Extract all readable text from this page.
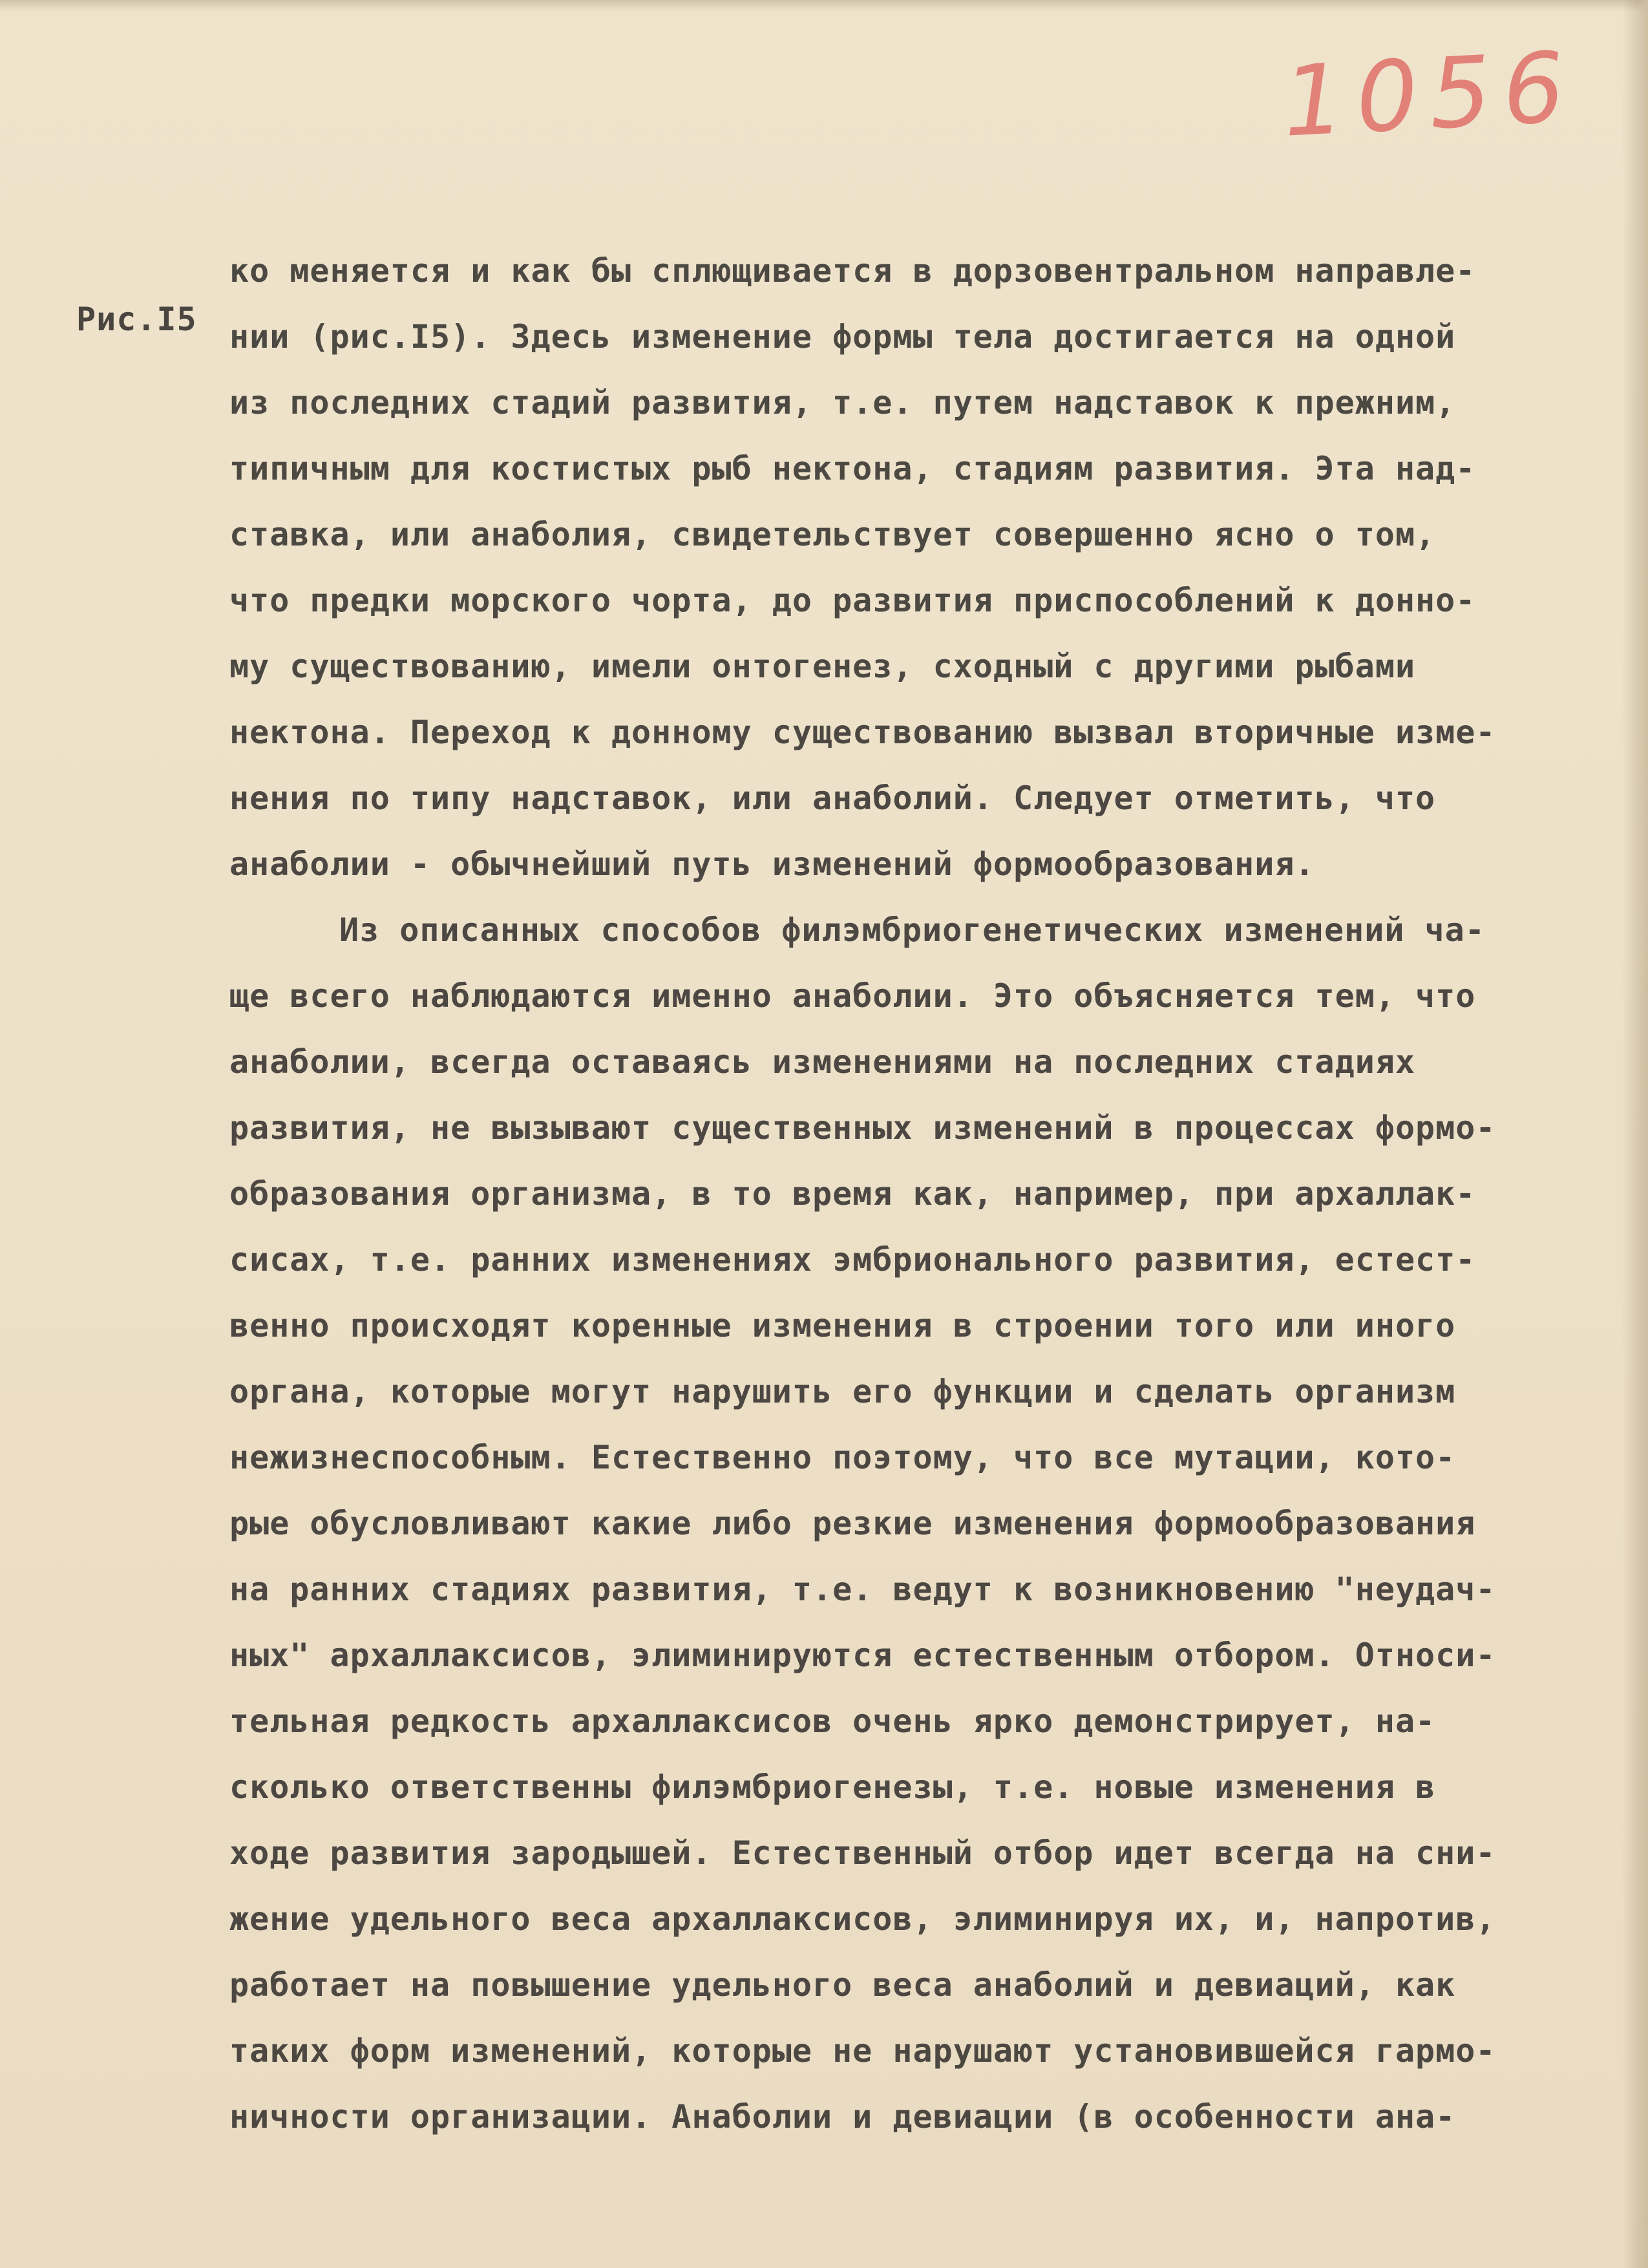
1056
Рис.I5
ко меняется и как бы сплющивается в дорзовентральном направле-
нии (рис.I5). Здесь изменение формы тела достигается на одной
из последних стадий развития, т.е. путем надставок к прежним,
типичным для костистых рыб нектона, стадиям развития. Эта над-
ставка, или анаболия, свидетельствует совершенно ясно о том,
что предки морского чорта, до развития приспособлений к донно-
му существованию, имели онтогенез, сходный с другими рыбами
нектона. Переход к донному существованию вызвал вторичные изме-
нения по типу надставок, или анаболий. Следует отметить, что
анаболии - обычнейший путь изменений формообразования.
Из описанных способов филэмбриогенетических изменений ча-
ще всего наблюдаются именно анаболии. Это объясняется тем, что
анаболии, всегда оставаясь изменениями на последних стадиях
развития, не вызывают существенных изменений в процессах формо-
образования организма, в то время как, например, при архаллак-
сисах, т.е. ранних изменениях эмбрионального развития, естест-
венно происходят коренные изменения в строении того или иного
органа, которые могут нарушить его функции и сделать организм
нежизнеспособным. Естественно поэтому, что все мутации, кото-
рые обусловливают какие либо резкие изменения формообразования
на ранних стадиях развития, т.е. ведут к возникновению "неудач-
ных" архаллаксисов, элиминируются естественным отбором. Относи-
тельная редкость архаллаксисов очень ярко демонстрирует, на-
сколько ответственны филэмбриогенезы, т.е. новые изменения в
ходе развития зародышей. Естественный отбор идет всегда на сни-
жение удельного веса архаллаксисов, элиминируя их, и, напротив,
работает на повышение удельного веса анаболий и девиаций, как
таких форм изменений, которые не нарушают установившейся гармо-
ничности организации. Анаболии и девиации (в особенности ана-
